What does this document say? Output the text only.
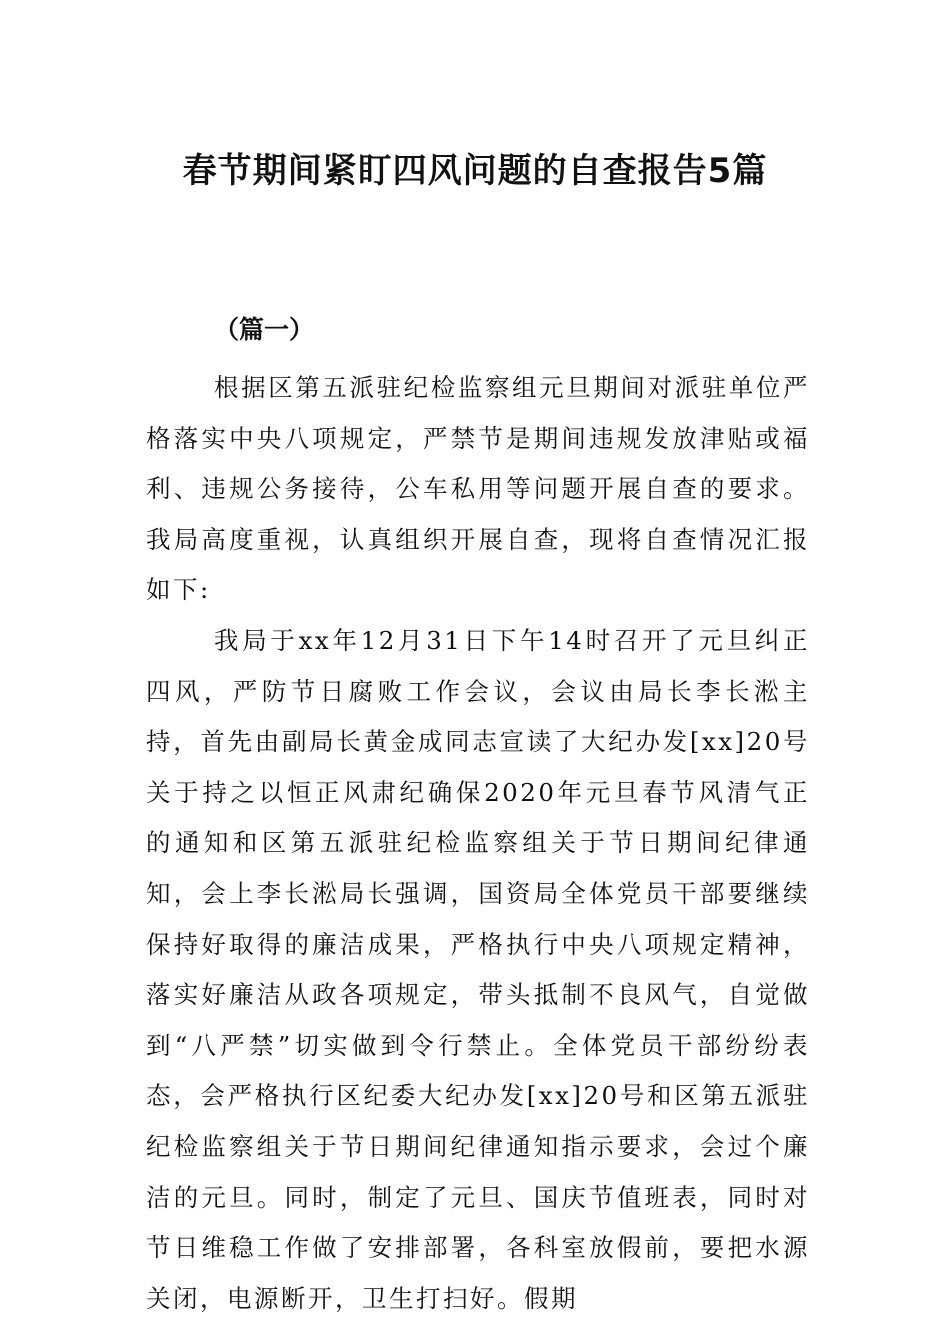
春节期间紧盯四风问题的自查报告5篇
（篇一）

根据区第五派驻纪检监察组元旦期间对派驻单位严格落实中央八项规定，严禁节是期间违规发放津贴或福利、违规公务接待，公车私用等问题开展自查的要求。我局高度重视，认真组织开展自查，现将自查情况汇报如下:

我局于xx年12月31日下午14时召开了元旦纠正四风，严防节日腐败工作会议，会议由局长李长淞主持，首先由副局长黄金成同志宣读了大纪办发[xx]20号关于持之以恒正风肃纪确保2020年元旦春节风清气正的通知和区第五派驻纪检监察组关于节日期间纪律通知，会上李长淞局长强调，国资局全体党员干部要继续保持好取得的廉洁成果，严格执行中央八项规定精神，落实好廉洁从政各项规定，带头抵制不良风气，自觉做到“八严禁”切实做到令行禁止。全体党员干部纷纷表态，会严格执行区纪委大纪办发[xx]20号和区第五派驻纪检监察组关于节日期间纪律通知指示要求，会过个廉洁的元旦。同时，制定了元旦、国庆节值班表，同时对节日维稳工作做了安排部署，各科室放假前，要把水源关闭，电源断开，卫生打扫好。假期
